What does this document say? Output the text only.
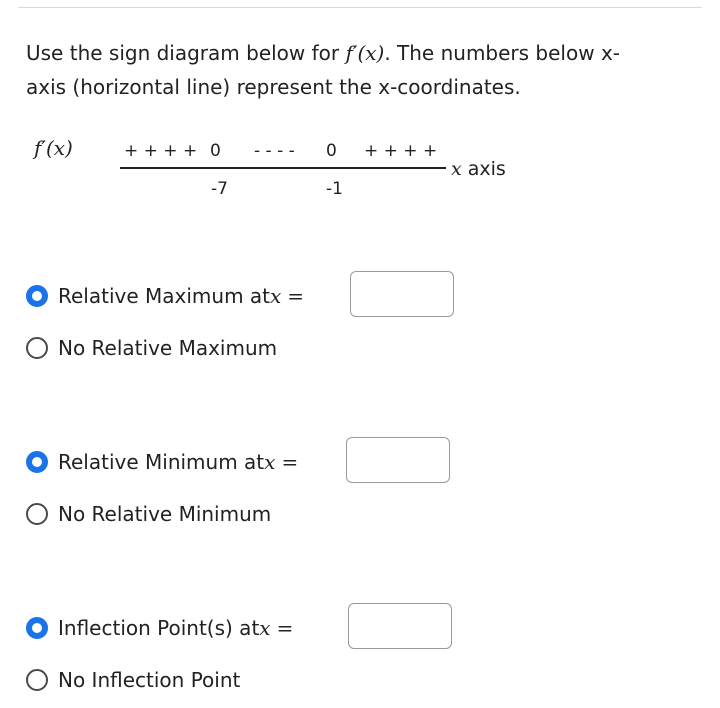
Use the sign diagram below for f′(x). The numbers below x-
axis (horizontal line) represent the x-coordinates.
f′(x)	+ + + + 0 - - - - 0 + + + +
x axis
-7	-1
Relative Maximum at x =
No Relative Maximum
Relative Minimum at x =
No Relative Minimum
Inflection Point(s) at x =
No Inflection Point
